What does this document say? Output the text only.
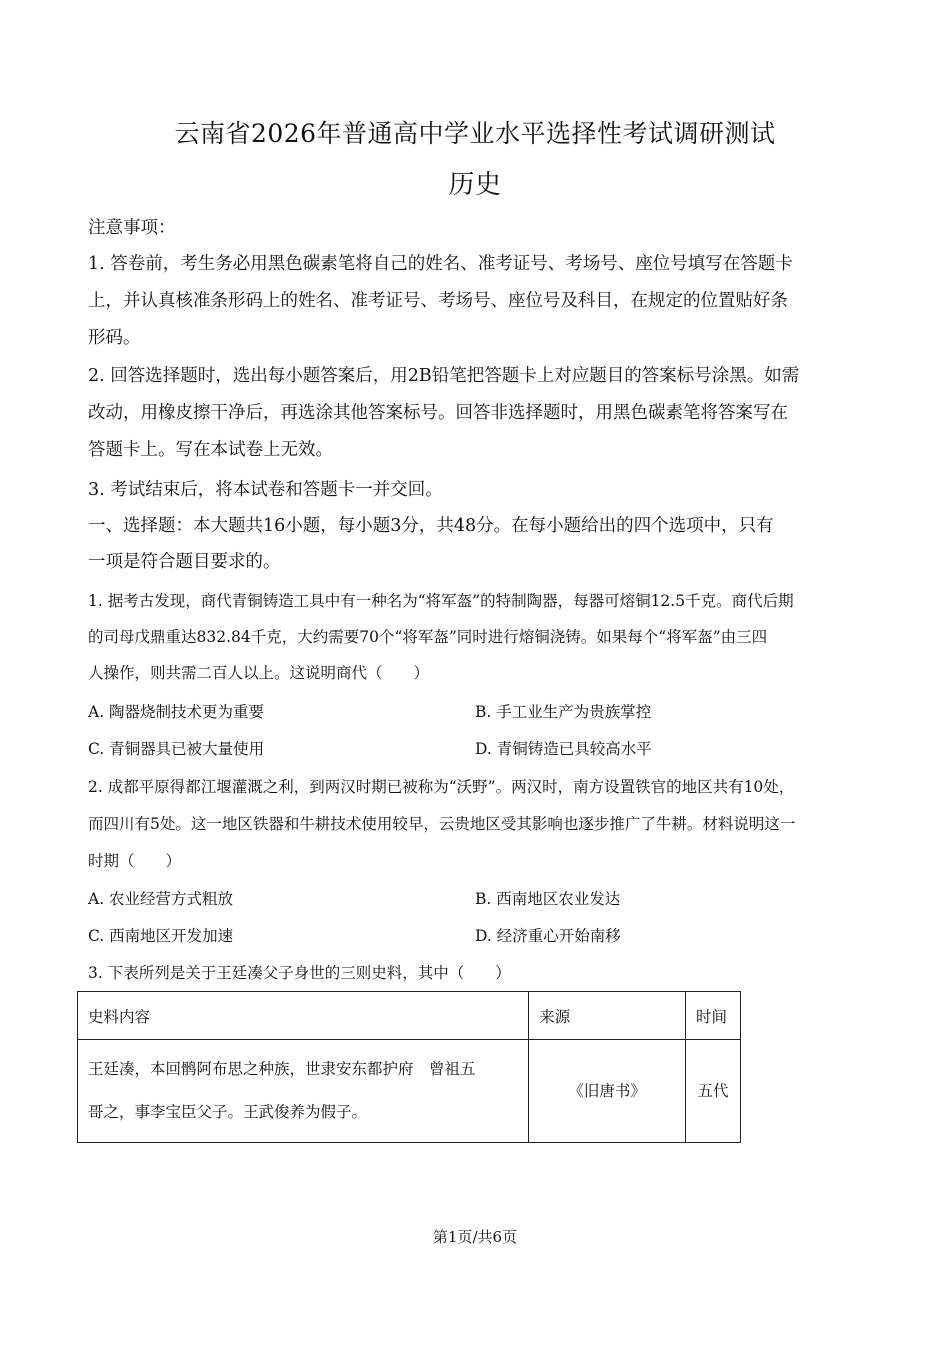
云南省2026年普通高中学业水平选择性考试调研测试
历史
注意事项：
1. 答卷前，考生务必用黑色碳素笔将自己的姓名、准考证号、考场号、座位号填写在答题卡
上，并认真核准条形码上的姓名、准考证号、考场号、座位号及科目，在规定的位置贴好条
形码。
2. 回答选择题时，选出每小题答案后，用2B铅笔把答题卡上对应题目的答案标号涂黑。如需
改动，用橡皮擦干净后，再选涂其他答案标号。回答非选择题时，用黑色碳素笔将答案写在
答题卡上。写在本试卷上无效。
3. 考试结束后，将本试卷和答题卡一并交回。
一、选择题：本大题共16小题，每小题3分，共48分。在每小题给出的四个选项中，只有
一项是符合题目要求的。
1. 据考古发现，商代青铜铸造工具中有一种名为“将军盔”的特制陶器，每器可熔铜12.5千克。商代后期
的司母戊鼎重达832.84千克，大约需要70个“将军盔”同时进行熔铜浇铸。如果每个“将军盔”由三四
人操作，则共需二百人以上。这说明商代（　　）
A. 陶器烧制技术更为重要	B. 手工业生产为贵族掌控
C. 青铜器具已被大量使用	D. 青铜铸造已具较高水平
2. 成都平原得都江堰灌溉之利，到两汉时期已被称为“沃野”。两汉时，南方设置铁官的地区共有10处，
而四川有5处。这一地区铁器和牛耕技术使用较早，云贵地区受其影响也逐步推广了牛耕。材料说明这一
时期（　　）
A. 农业经营方式粗放	B. 西南地区农业发达
C. 西南地区开发加速	D. 经济重心开始南移
3. 下表所列是关于王廷凑父子身世的三则史料，其中（　　）
史料内容	来源	时间

王廷凑，本回鹘阿布思之种族，世隶安东都护府　曾祖五
哥之，事李宝臣父子。王武俊养为假子。	《旧唐书》	五代
第1页/共6页
